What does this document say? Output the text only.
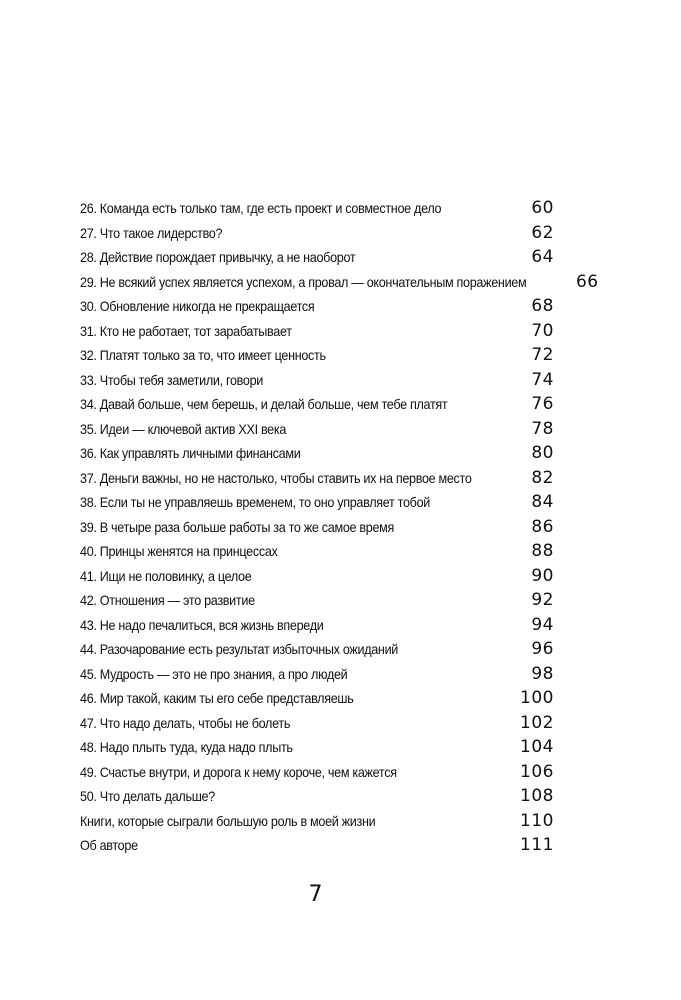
26. Команда есть только там, где есть проект и совместное дело	60
27. Что такое лидерство?	62
28. Действие порождает привычку, а не наоборот	64
29. Не всякий успех является успехом, а провал — окончательным поражением	66
30. Обновление никогда не прекращается	68
31. Кто не работает, тот зарабатывает	70
32. Платят только за то, что имеет ценность	72
33. Чтобы тебя заметили, говори	74
34. Давай больше, чем берешь, и делай больше, чем тебе платят	76
35. Идеи — ключевой актив XXI века	78
36. Как управлять личными финансами	80
37. Деньги важны, но не настолько, чтобы ставить их на первое место	82
38. Если ты не управляешь временем, то оно управляет тобой	84
39. В четыре раза больше работы за то же самое время	86
40. Принцы женятся на принцессах	88
41. Ищи не половинку, а целое	90
42. Отношения — это развитие	92
43. Не надо печалиться, вся жизнь впереди	94
44. Разочарование есть результат избыточных ожиданий	96
45. Мудрость — это не про знания, а про людей	98
46. Мир такой, каким ты его себе представляешь	100
47. Что надо делать, чтобы не болеть	102
48. Надо плыть туда, куда надо плыть	104
49. Счастье внутри, и дорога к нему короче, чем кажется	106
50. Что делать дальше?	108
Книги, которые сыграли большую роль в моей жизни	110
Об авторе	111
7
